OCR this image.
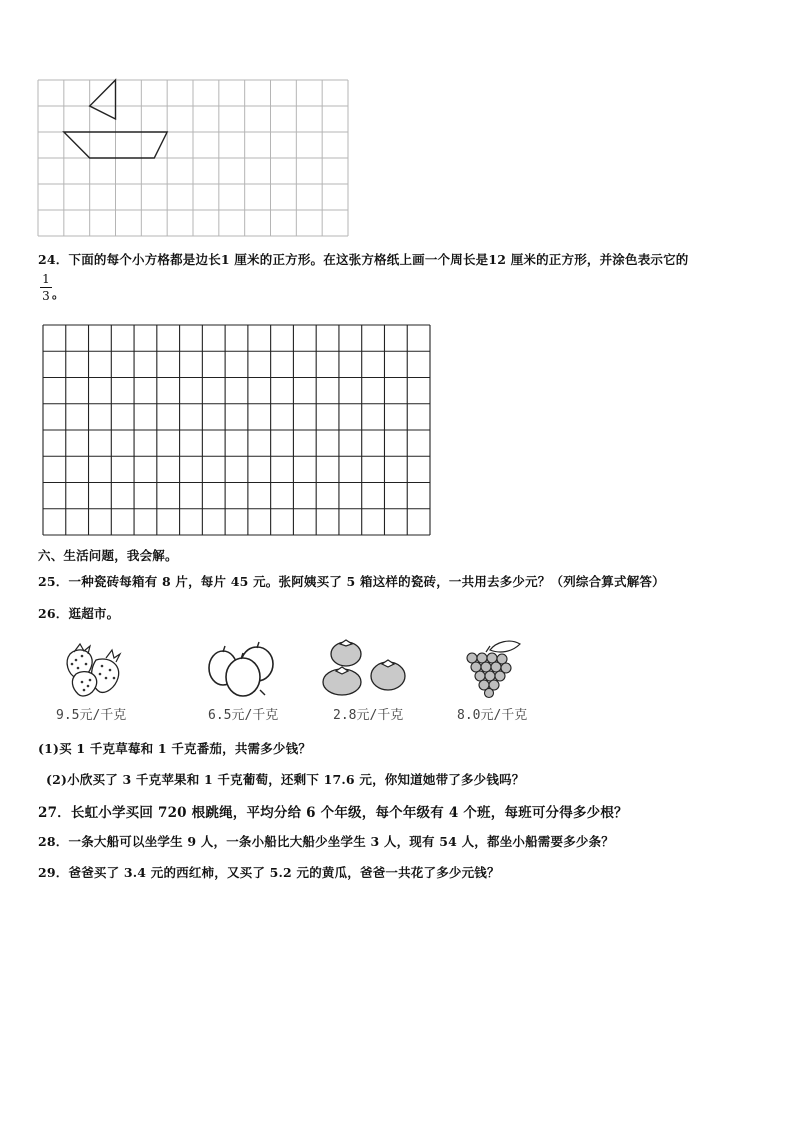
24．下面的每个小方格都是边长1 厘米的正方形。在这张方格纸上画一个周长是12 厘米的正方形，并涂色表示它的
1
3 。
六、生活问题，我会解。
25．一种瓷砖每箱有 8 片，每片 45 元。张阿姨买了 5 箱这样的瓷砖，一共用去多少元？（列综合算式解答）
26．逛超市。
9.5元/千克	6.5元/千克	2.8元/千克	8.0元/千克
(1)买 1 千克草莓和 1 千克番茄，共需多少钱？
(2)小欣买了 3 千克苹果和 1 千克葡萄，还剩下 17.6 元，你知道她带了多少钱吗？
27．长虹小学买回 720 根跳绳，平均分给 6 个年级，每个年级有 4 个班，每班可分得多少根？
28．一条大船可以坐学生 9 人，一条小船比大船少坐学生 3 人，现有 54 人，都坐小船需要多少条？
29．爸爸买了 3.4 元的西红柿，又买了 5.2 元的黄瓜，爸爸一共花了多少元钱？
